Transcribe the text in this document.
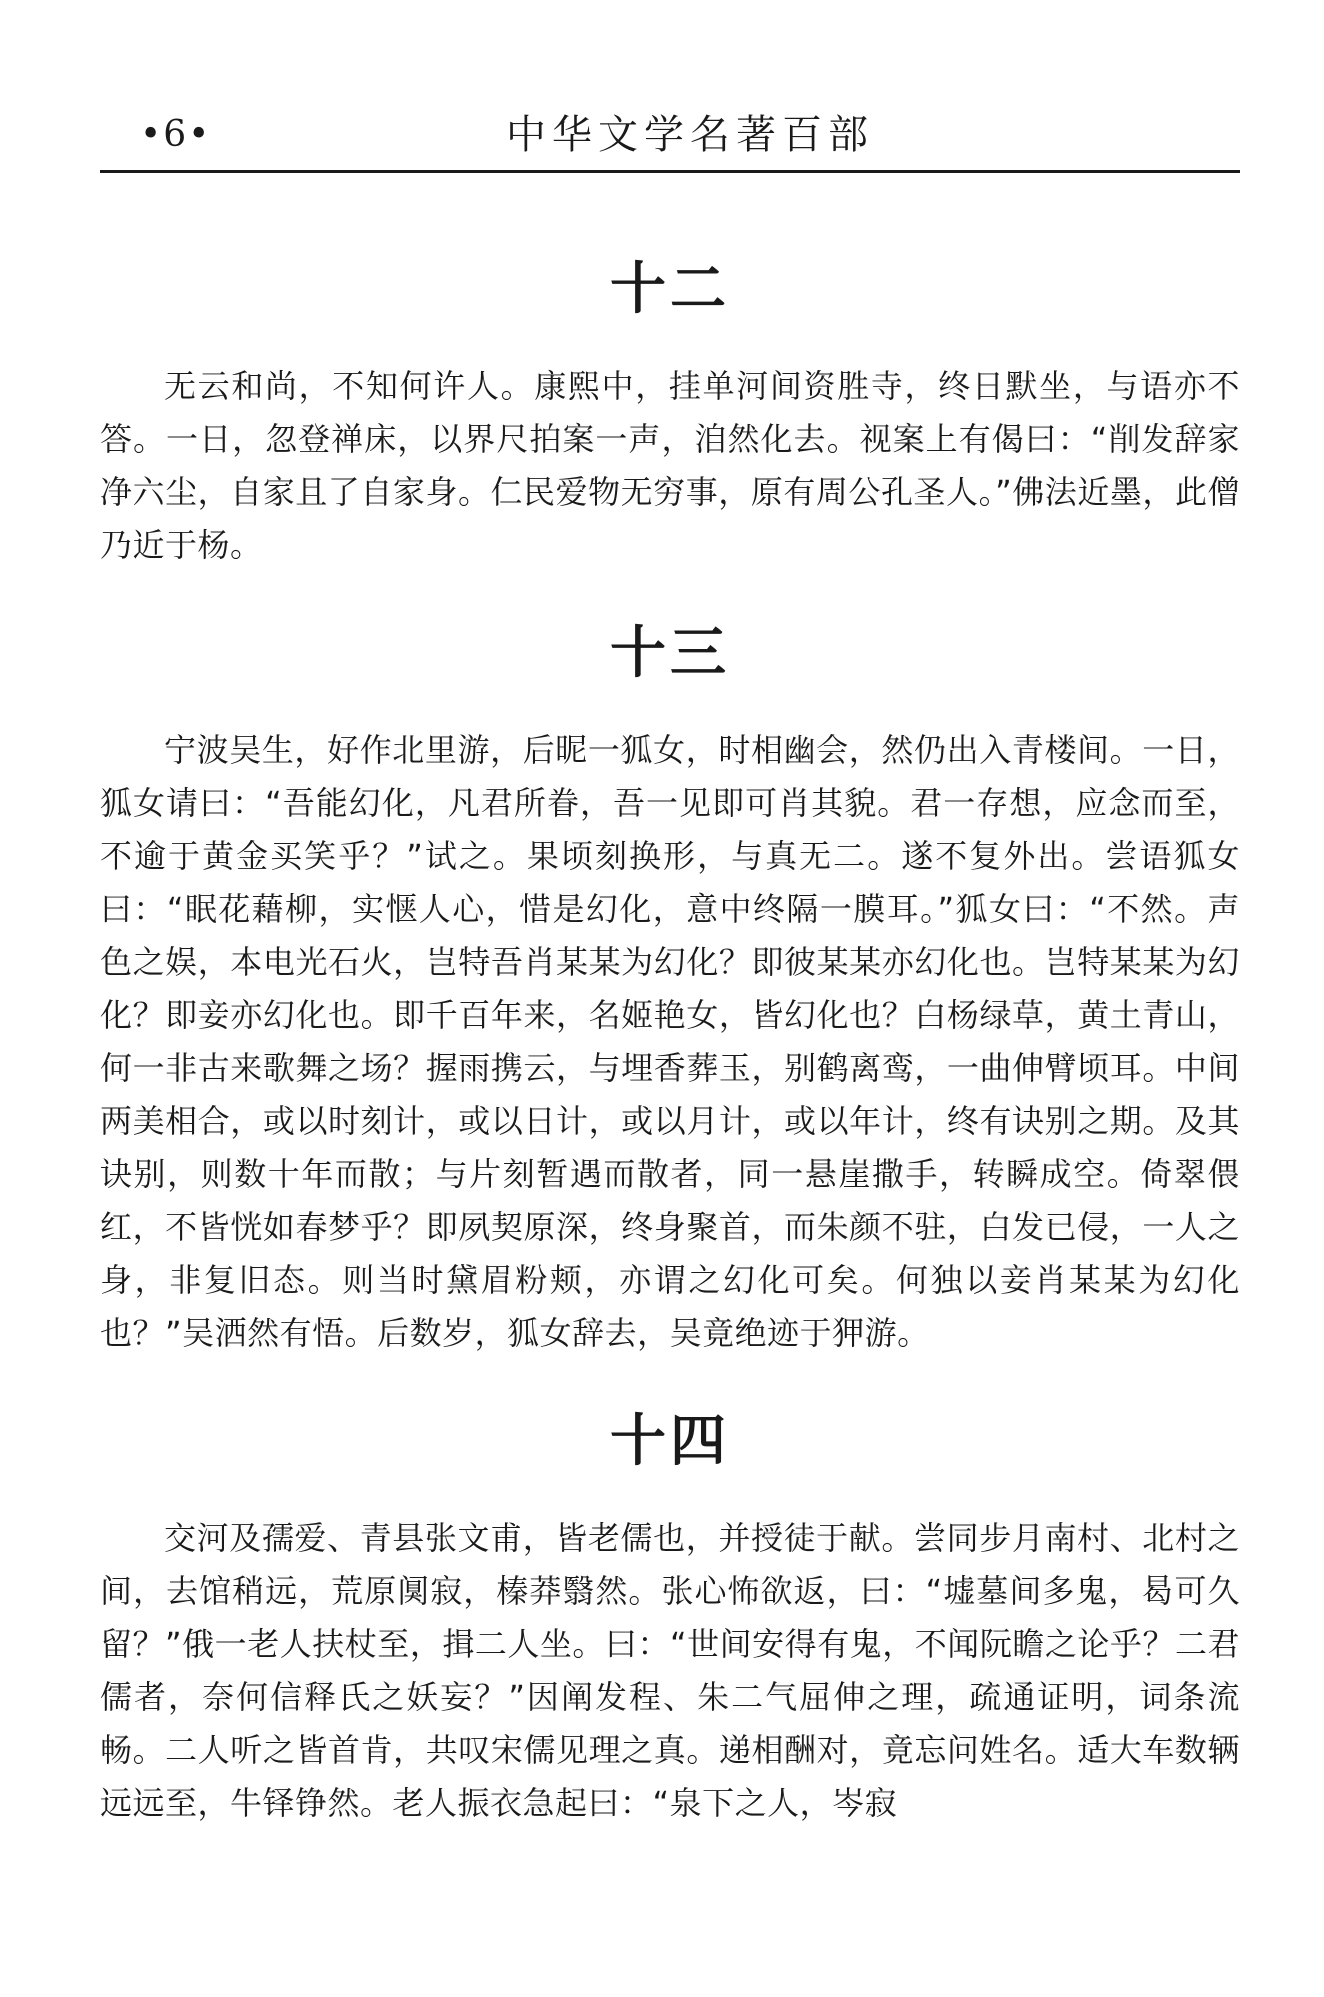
•6•	中华文学名著百部
十二

无云和尚，不知何许人。康熙中，挂单河间资胜寺，终日默坐，与语亦不答。一日，忽登禅床，以界尺拍案一声，洎然化去。视案上有偈曰：“削发辞家净六尘，自家且了自家身。仁民爱物无穷事，原有周公孔圣人。”佛法近墨，此僧乃近于杨。

十三

宁波吴生，好作北里游，后昵一狐女，时相幽会，然仍出入青楼间。一日，狐女请曰：“吾能幻化，凡君所眷，吾一见即可肖其貌。君一存想，应念而至，不逾于黄金买笑乎？”试之。果顷刻换形，与真无二。遂不复外出。尝语狐女曰：“眠花藉柳，实惬人心，惜是幻化，意中终隔一膜耳。”狐女曰：“不然。声色之娱，本电光石火，岂特吾肖某某为幻化？即彼某某亦幻化也。岂特某某为幻化？即妾亦幻化也。即千百年来，名姬艳女，皆幻化也？白杨绿草，黄土青山，何一非古来歌舞之场？握雨携云，与埋香葬玉，别鹤离鸾，一曲伸臂顷耳。中间两美相合，或以时刻计，或以日计，或以月计，或以年计，终有诀别之期。及其诀别，则数十年而散；与片刻暂遇而散者，同一悬崖撒手，转瞬成空。倚翠偎红，不皆恍如春梦乎？即夙契原深，终身聚首，而朱颜不驻，白发已侵，一人之身，非复旧态。则当时黛眉粉颊，亦谓之幻化可矣。何独以妾肖某某为幻化也？”吴洒然有悟。后数岁，狐女辞去，吴竟绝迹于狎游。

十四

交河及孺爱、青县张文甫，皆老儒也，并授徒于献。尝同步月南村、北村之间，去馆稍远，荒原阒寂，榛莽翳然。张心怖欲返，曰：“墟墓间多鬼，曷可久留？”俄一老人扶杖至，揖二人坐。曰：“世间安得有鬼，不闻阮瞻之论乎？二君儒者，奈何信释氏之妖妄？”因阐发程、朱二气屈伸之理，疏通证明，词条流畅。二人听之皆首肯，共叹宋儒见理之真。递相酬对，竟忘问姓名。适大车数辆远远至，牛铎铮然。老人振衣急起曰：“泉下之人，岑寂
